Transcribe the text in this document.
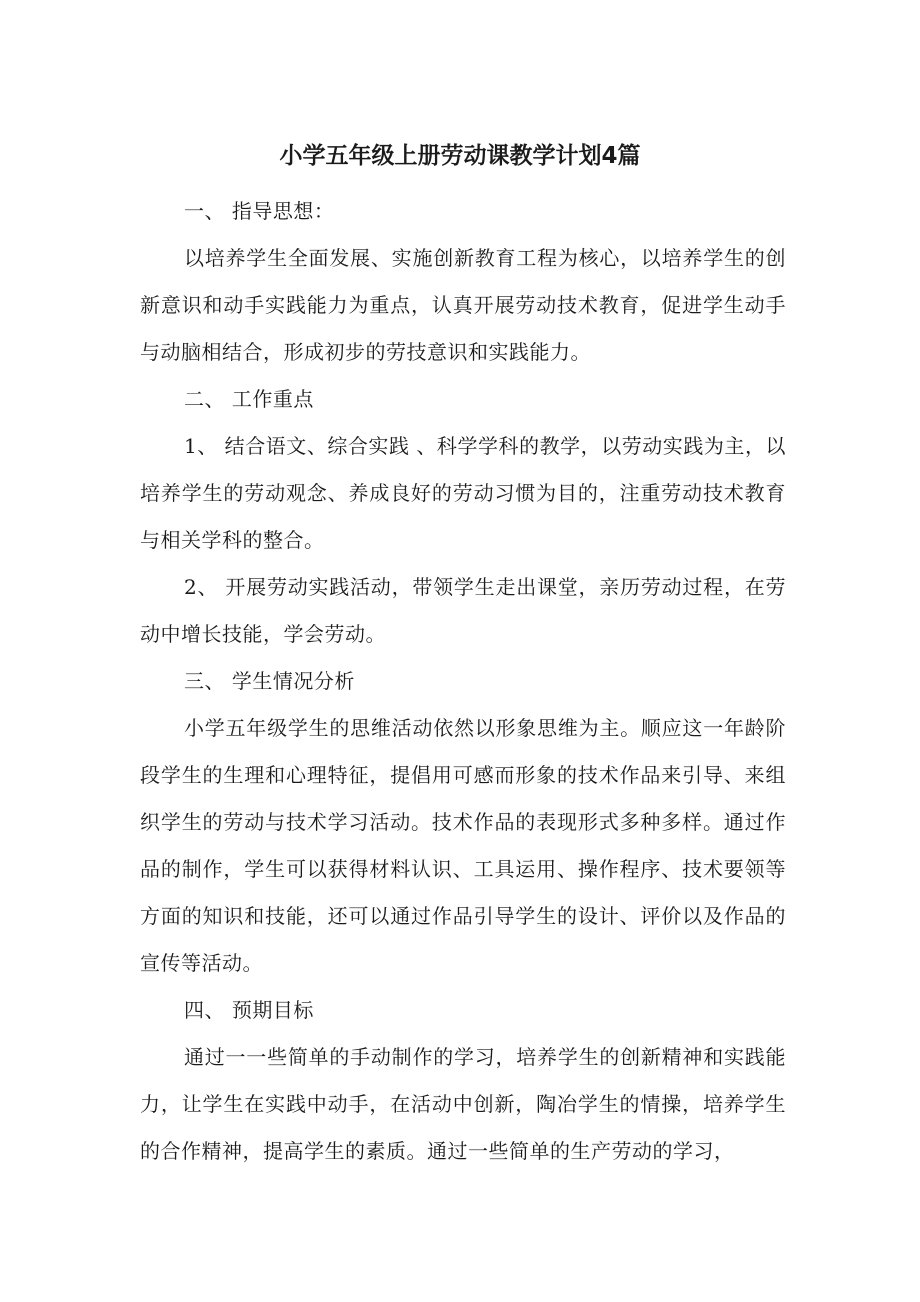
小学五年级上册劳动课教学计划4篇

一、 指导思想：

以培养学生全面发展、实施创新教育工程为核心，以培养学生的创新意识和动手实践能力为重点，认真开展劳动技术教育，促进学生动手与动脑相结合，形成初步的劳技意识和实践能力。

二、 工作重点

1、 结合语文、综合实践 、科学学科的教学，以劳动实践为主，以培养学生的劳动观念、养成良好的劳动习惯为目的，注重劳动技术教育与相关学科的整合。

2、 开展劳动实践活动，带领学生走出课堂，亲历劳动过程，在劳动中增长技能，学会劳动。

三、 学生情况分析

小学五年级学生的思维活动依然以形象思维为主。顺应这一年龄阶段学生的生理和心理特征，提倡用可感而形象的技术作品来引导、来组织学生的劳动与技术学习活动。技术作品的表现形式多种多样。通过作品的制作，学生可以获得材料认识、工具运用、操作程序、技术要领等方面的知识和技能，还可以通过作品引导学生的设计、评价以及作品的宣传等活动。

四、 预期目标

通过一一些简单的手动制作的学习，培养学生的创新精神和实践能力，让学生在实践中动手，在活动中创新，陶冶学生的情操，培养学生的合作精神，提高学生的素质。通过一些简单的生产劳动的学习，
